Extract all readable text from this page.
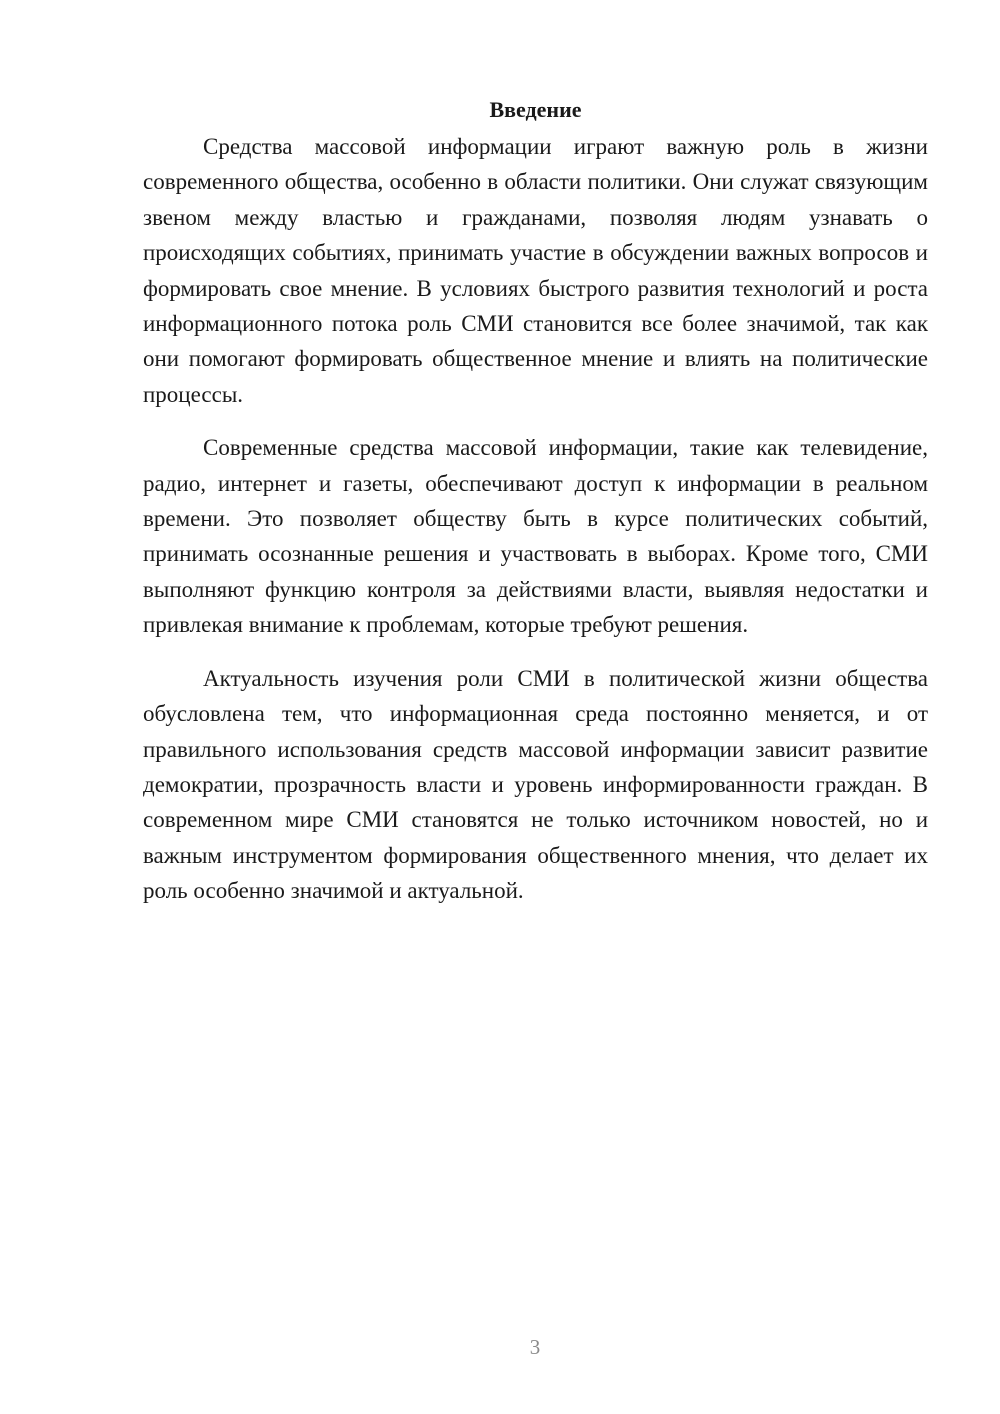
Введение

Средства массовой информации играют важную роль в жизни современного общества, особенно в области политики. Они служат связующим звеном между властью и гражданами, позволяя людям узнавать о происходящих событиях, принимать участие в обсуждении важных вопросов и формировать свое мнение. В условиях быстрого развития технологий и роста информационного потока роль СМИ становится все более значимой, так как они помогают формировать общественное мнение и влиять на политические процессы.

Современные средства массовой информации, такие как телевидение, радио, интернет и газеты, обеспечивают доступ к информации в реальном времени. Это позволяет обществу быть в курсе политических событий, принимать осознанные решения и участвовать в выборах. Кроме того, СМИ выполняют функцию контроля за действиями власти, выявляя недостатки и привлекая внимание к проблемам, которые требуют решения.

Актуальность изучения роли СМИ в политической жизни общества обусловлена тем, что информационная среда постоянно меняется, и от правильного использования средств массовой информации зависит развитие демократии, прозрачность власти и уровень информированности граждан. В современном мире СМИ становятся не только источником новостей, но и важным инструментом формирования общественного мнения, что делает их роль особенно значимой и актуальной.

3
